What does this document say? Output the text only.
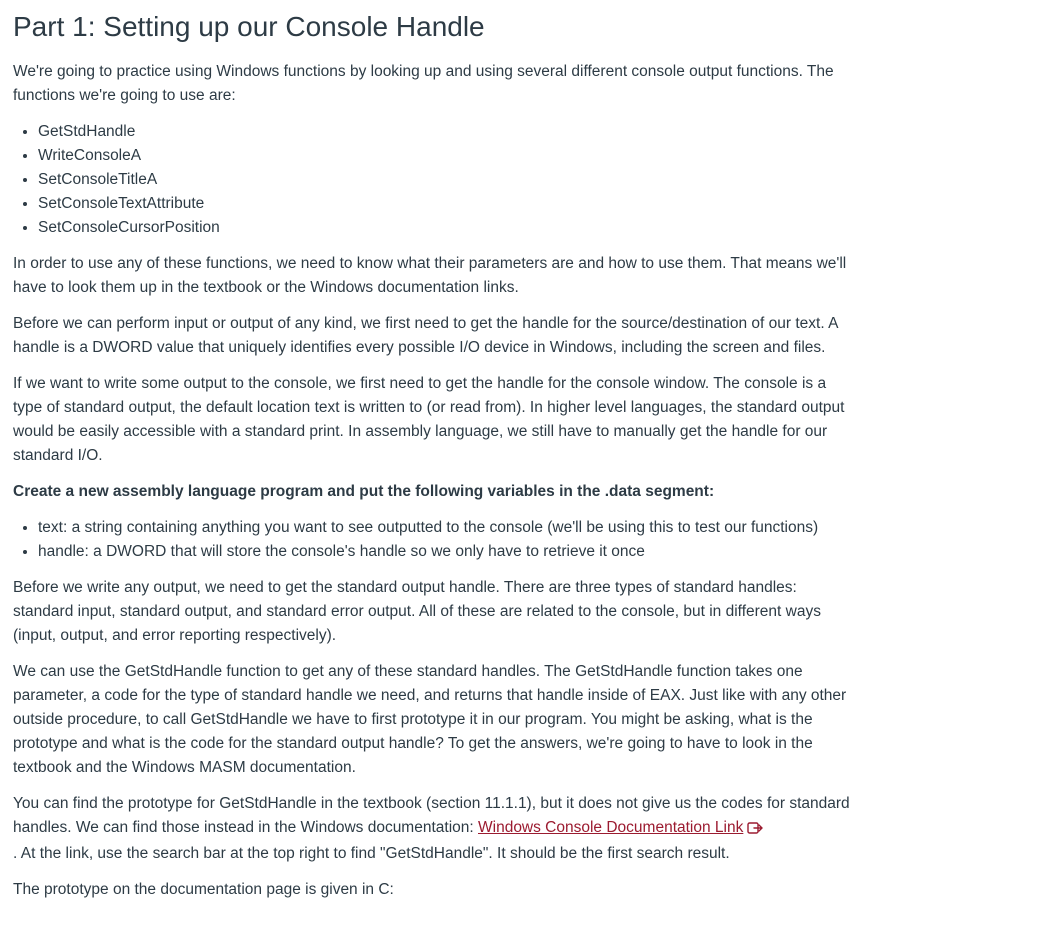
Part 1: Setting up our Console Handle

We're going to practice using Windows functions by looking up and using several different console output functions. The functions we're going to use are:

• GetStdHandle
• WriteConsoleA
• SetConsoleTitleA
• SetConsoleTextAttribute
• SetConsoleCursorPosition

In order to use any of these functions, we need to know what their parameters are and how to use them. That means we'll have to look them up in the textbook or the Windows documentation links.

Before we can perform input or output of any kind, we first need to get the handle for the source/destination of our text. A handle is a DWORD value that uniquely identifies every possible I/O device in Windows, including the screen and files.

If we want to write some output to the console, we first need to get the handle for the console window. The console is a type of standard output, the default location text is written to (or read from). In higher level languages, the standard output would be easily accessible with a standard print. In assembly language, we still have to manually get the handle for our standard I/O.

Create a new assembly language program and put the following variables in the .data segment:

• text: a string containing anything you want to see outputted to the console (we'll be using this to test our functions)
• handle: a DWORD that will store the console's handle so we only have to retrieve it once

Before we write any output, we need to get the standard output handle. There are three types of standard handles: standard input, standard output, and standard error output. All of these are related to the console, but in different ways (input, output, and error reporting respectively).

We can use the GetStdHandle function to get any of these standard handles. The GetStdHandle function takes one parameter, a code for the type of standard handle we need, and returns that handle inside of EAX. Just like with any other outside procedure, to call GetStdHandle we have to first prototype it in our program. You might be asking, what is the prototype and what is the code for the standard output handle? To get the answers, we're going to have to look in the textbook and the Windows MASM documentation.

You can find the prototype for GetStdHandle in the textbook (section 11.1.1), but it does not give us the codes for standard handles. We can find those instead in the Windows documentation: Windows Console Documentation Link
. At the link, use the search bar at the top right to find "GetStdHandle". It should be the first search result.

The prototype on the documentation page is given in C:
